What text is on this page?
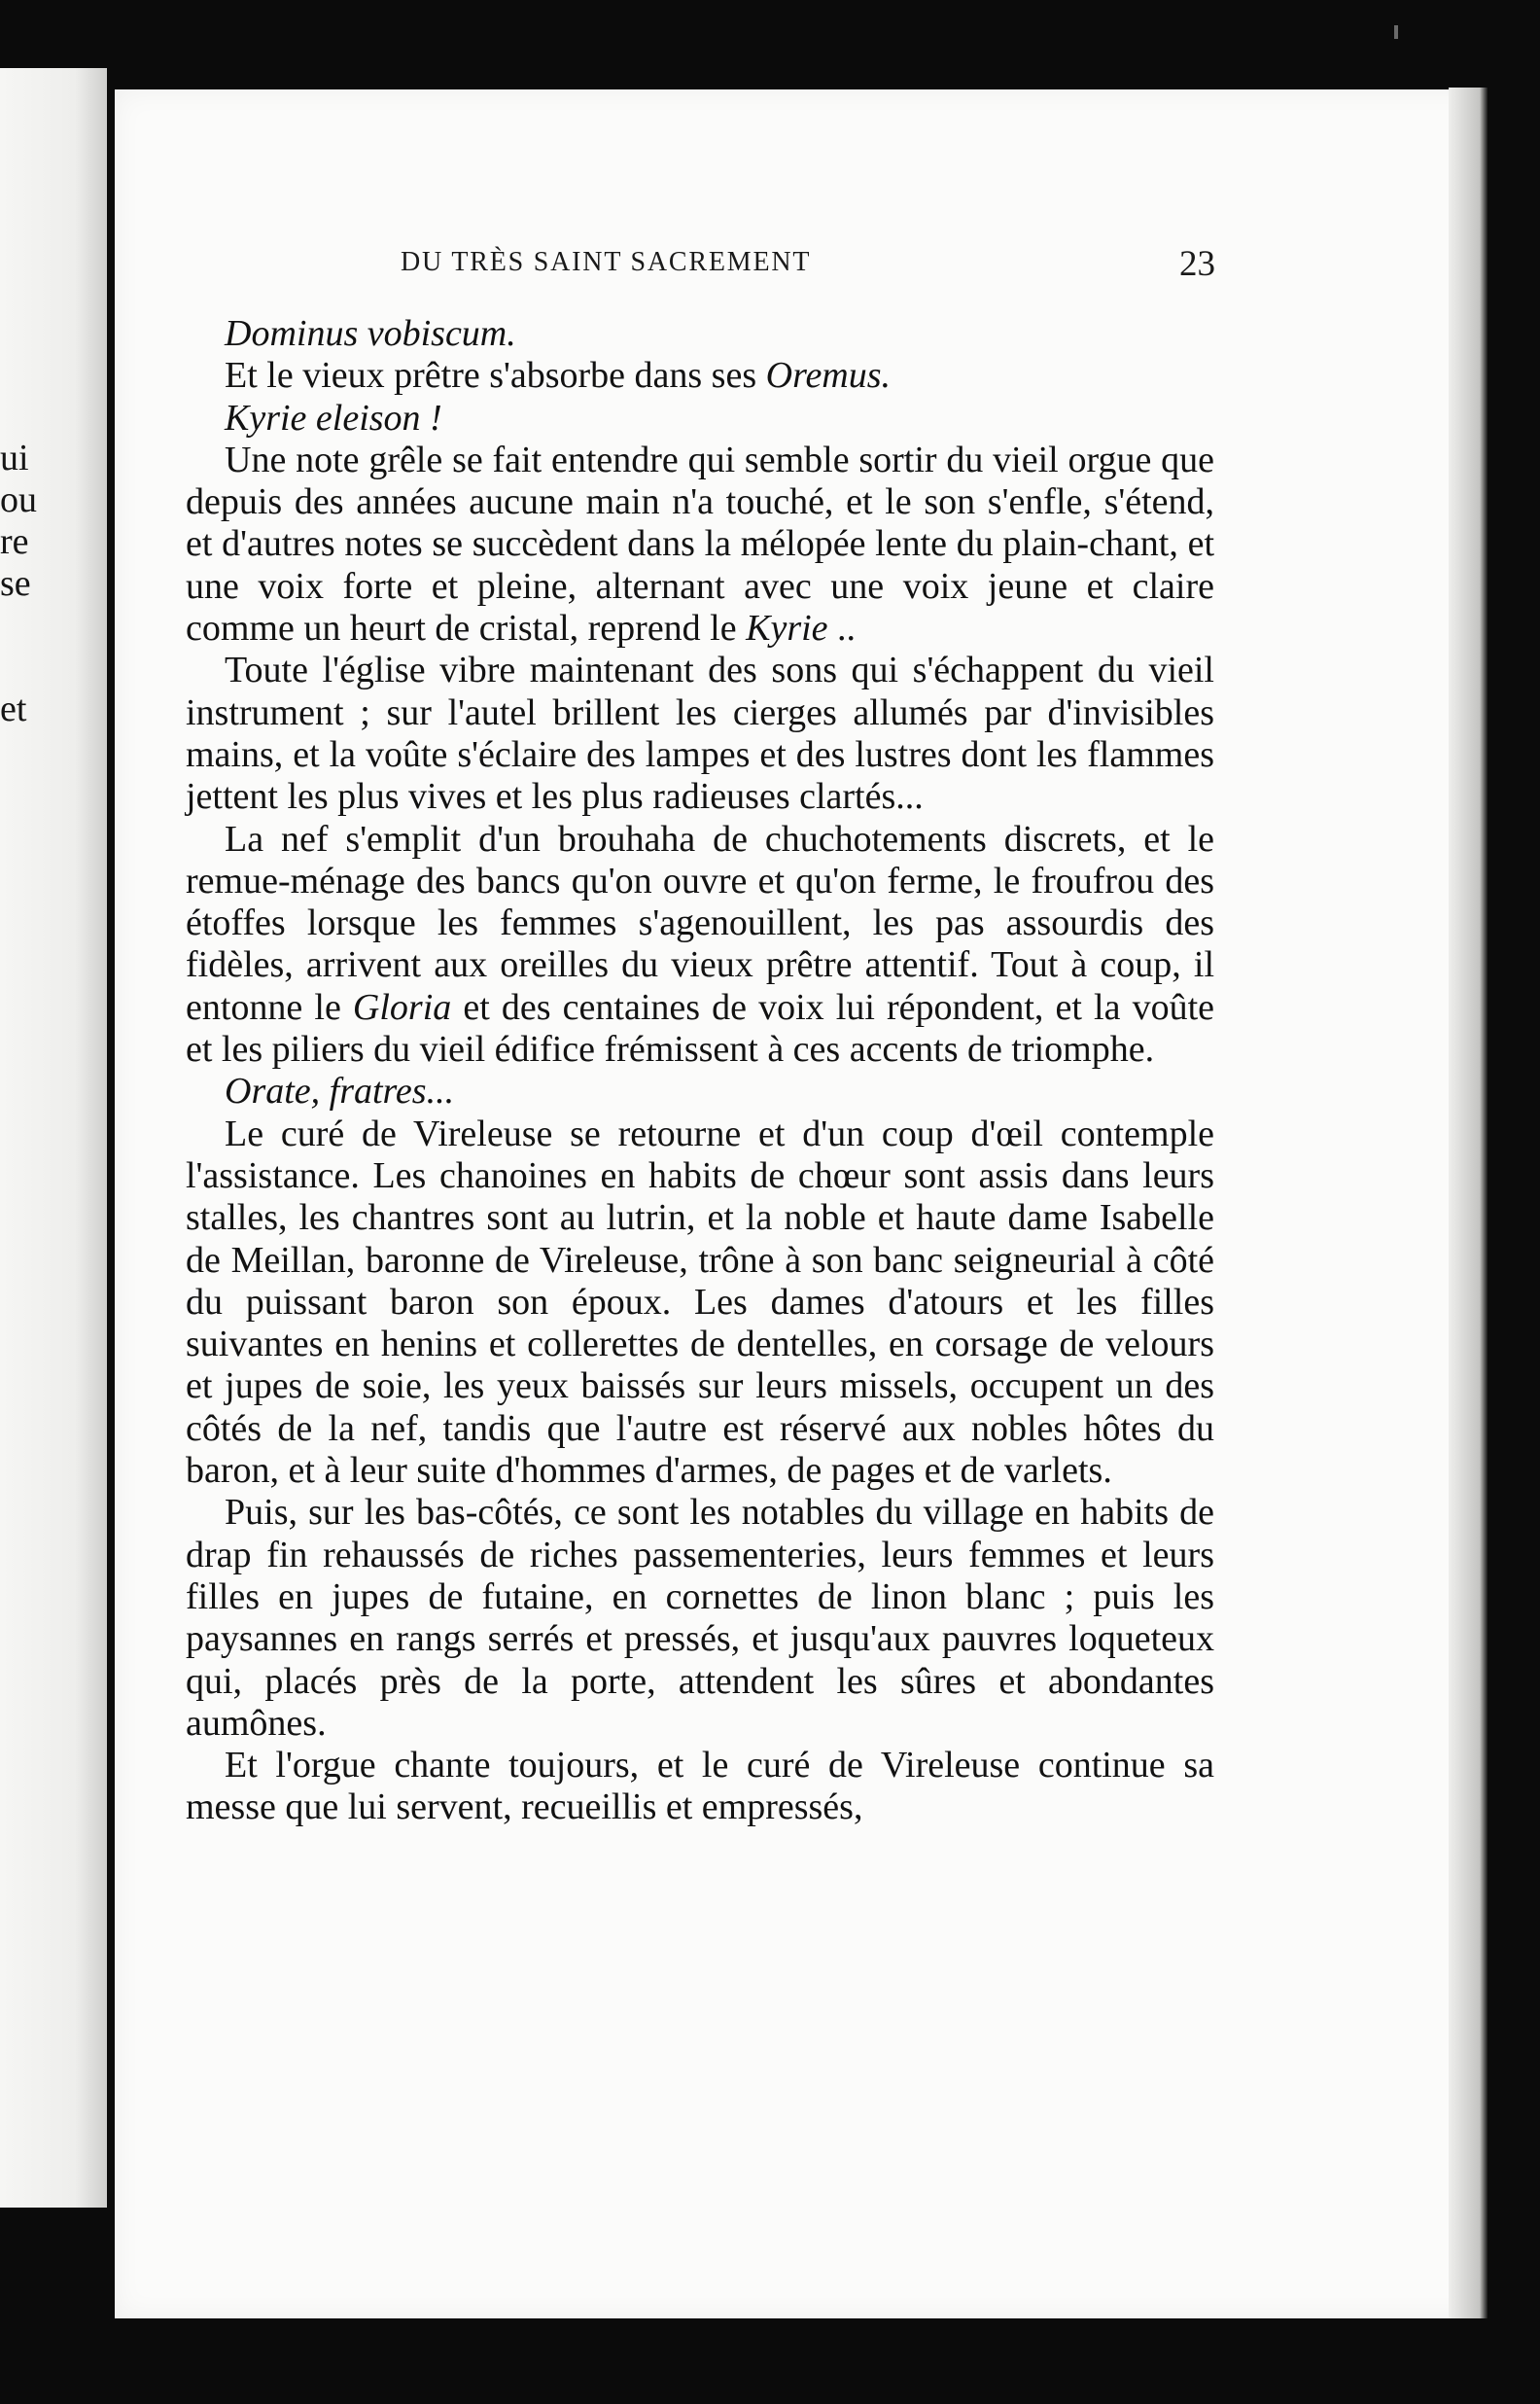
ui
ou
re
se
et
DU TRÈS SAINT SACREMENT	23

Dominus vobiscum.

Et le vieux prêtre s'absorbe dans ses Oremus.

Kyrie eleison !

Une note grêle se fait entendre qui semble sortir du vieil orgue que depuis des années aucune main n'a touché, et le son s'enfle, s'étend, et d'autres notes se succèdent dans la mélopée lente du plain-chant, et une voix forte et pleine, alternant avec une voix jeune et claire comme un heurt de cristal, reprend le Kyrie ..

Toute l'église vibre maintenant des sons qui s'échappent du vieil instrument ; sur l'autel brillent les cierges allumés par d'invisibles mains, et la voûte s'éclaire des lampes et des lustres dont les flammes jettent les plus vives et les plus radieuses clartés...

La nef s'emplit d'un brouhaha de chuchotements discrets, et le remue-ménage des bancs qu'on ouvre et qu'on ferme, le froufrou des étoffes lorsque les femmes s'agenouillent, les pas assourdis des fidèles, arrivent aux oreilles du vieux prêtre attentif. Tout à coup, il entonne le Gloria et des centaines de voix lui répondent, et la voûte et les piliers du vieil édifice frémissent à ces accents de triomphe.

Orate, fratres...

Le curé de Vireleuse se retourne et d'un coup d'œil contemple l'assistance. Les chanoines en habits de chœur sont assis dans leurs stalles, les chantres sont au lutrin, et la noble et haute dame Isabelle de Meillan, baronne de Vireleuse, trône à son banc seigneurial à côté du puissant baron son époux. Les dames d'atours et les filles suivantes en henins et collerettes de dentelles, en corsage de velours et jupes de soie, les yeux baissés sur leurs missels, occupent un des côtés de la nef, tandis que l'autre est réservé aux nobles hôtes du baron, et à leur suite d'hommes d'armes, de pages et de varlets.

Puis, sur les bas-côtés, ce sont les notables du village en habits de drap fin rehaussés de riches passementeries, leurs femmes et leurs filles en jupes de futaine, en cornettes de linon blanc ; puis les paysannes en rangs serrés et pressés, et jusqu'aux pauvres loqueteux qui, placés près de la porte, attendent les sûres et abondantes aumônes.

Et l'orgue chante toujours, et le curé de Vireleuse continue sa messe que lui servent, recueillis et empressés,
